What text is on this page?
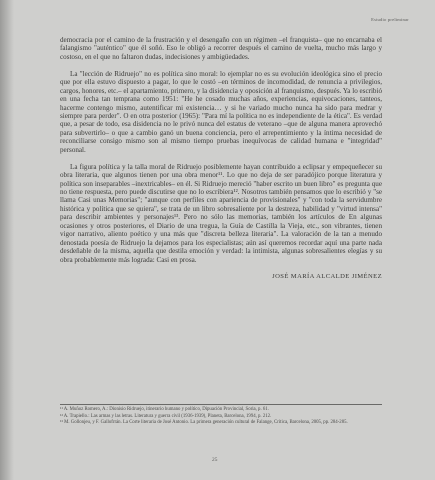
Estudio preliminar

democracia por el camino de la frustración y el desengaño con un régimen –el franquista– que no encarnaba el falangismo "auténtico" que él soñó. Eso le obligó a recorrer después el camino de vuelta, mucho más largo y costoso, en el que no faltaron dudas, indecisiones y ambigüedades.

La "lección de Ridruejo" no es política sino moral: lo ejemplar no es su evolución ideológica sino el precio que por ella estuvo dispuesto a pagar, lo que le costó –en términos de incomodidad, de renuncia a privilegios, cargos, honores, etc.– el apartamiento, primero, y la disidencia y oposición al franquismo, después. Ya lo escribió en una fecha tan temprana como 1951: "He he cosado muchas años, experiencias, equivocaciones, tanteos, hacerme contengo mismo, autentificar mi existencia… y si he variado mucho nunca ha sido para medrar y siempre para perder". O en otra posterior (1965): "Para mí la política no es independiente de la ética". Es verdad que, a pesar de todo, esa disidencia no le privó nunca del estatus de veterano –que de alguna manera aprovechó para subvertirlo– o que a cambio ganó un buena conciencia, pero el arrepentimiento y la íntima necesidad de reconciliarse consigo mismo son al mismo tiempo pruebas inequívocas de calidad humana e "integridad" personal.

La figura política y la talla moral de Ridruejo posiblemente hayan contribuido a eclipsar y empequeñecer su obra literaria, que algunos tienen por una obra menor¹¹. Lo que no deja de ser paradójico porque literatura y política son inseparables –inextricables– en él. Si Ridruejo mereció "haber escrito un buen libro" es pregunta que no tiene respuesta, pero puede discutirse que no lo escribiera¹². Nosotros también pensamos que lo escribió y "se llama Casi unas Memorias"; "aunque con perfiles con apariencia de provisionales" y "con toda la servidumbre histórica y política que se quiera", se trata de un libro sobresaliente por la destreza, habilidad y "virtud intensa" para describir ambientes y personajes¹³. Pero no sólo las memorias, también los artículos de En algunas ocasiones y otros posteriores, el Diario de una tregua, la Guía de Castilla la Vieja, etc., son vibrantes, tienen vigor narrativo, aliento poético y una más que "discreta belleza literaria". La valoración de la tan a menudo denostada poesía de Ridruejo la dejamos para los especialistas; aún así queremos recordar aquí una parte nada desdeñable de la misma, aquella que destila emoción y verdad: la intimista, algunas sobresalientes elegías y su obra probablemente más lograda: Casi en prosa.

JOSÉ MARÍA ALCALDE JIMÉNEZ

¹¹ A. Muñoz Romero, A.: Dionisio Ridruejo, itinerario humano y político, Dipuación Provincial, Soria, p. 61.

¹² A. Trapiello.: Las armas y las letras. Literatura y guerra civil (1936-1939), Planeta, Barcelona, 1994, p. 212.

¹³ M. Gollonjeu, y F. Gallofrrán. La Corte literaria de José Antonio. La primera generación cultural de Falange, Crítica, Barcelona, 2005, pp. 284-285.

25
